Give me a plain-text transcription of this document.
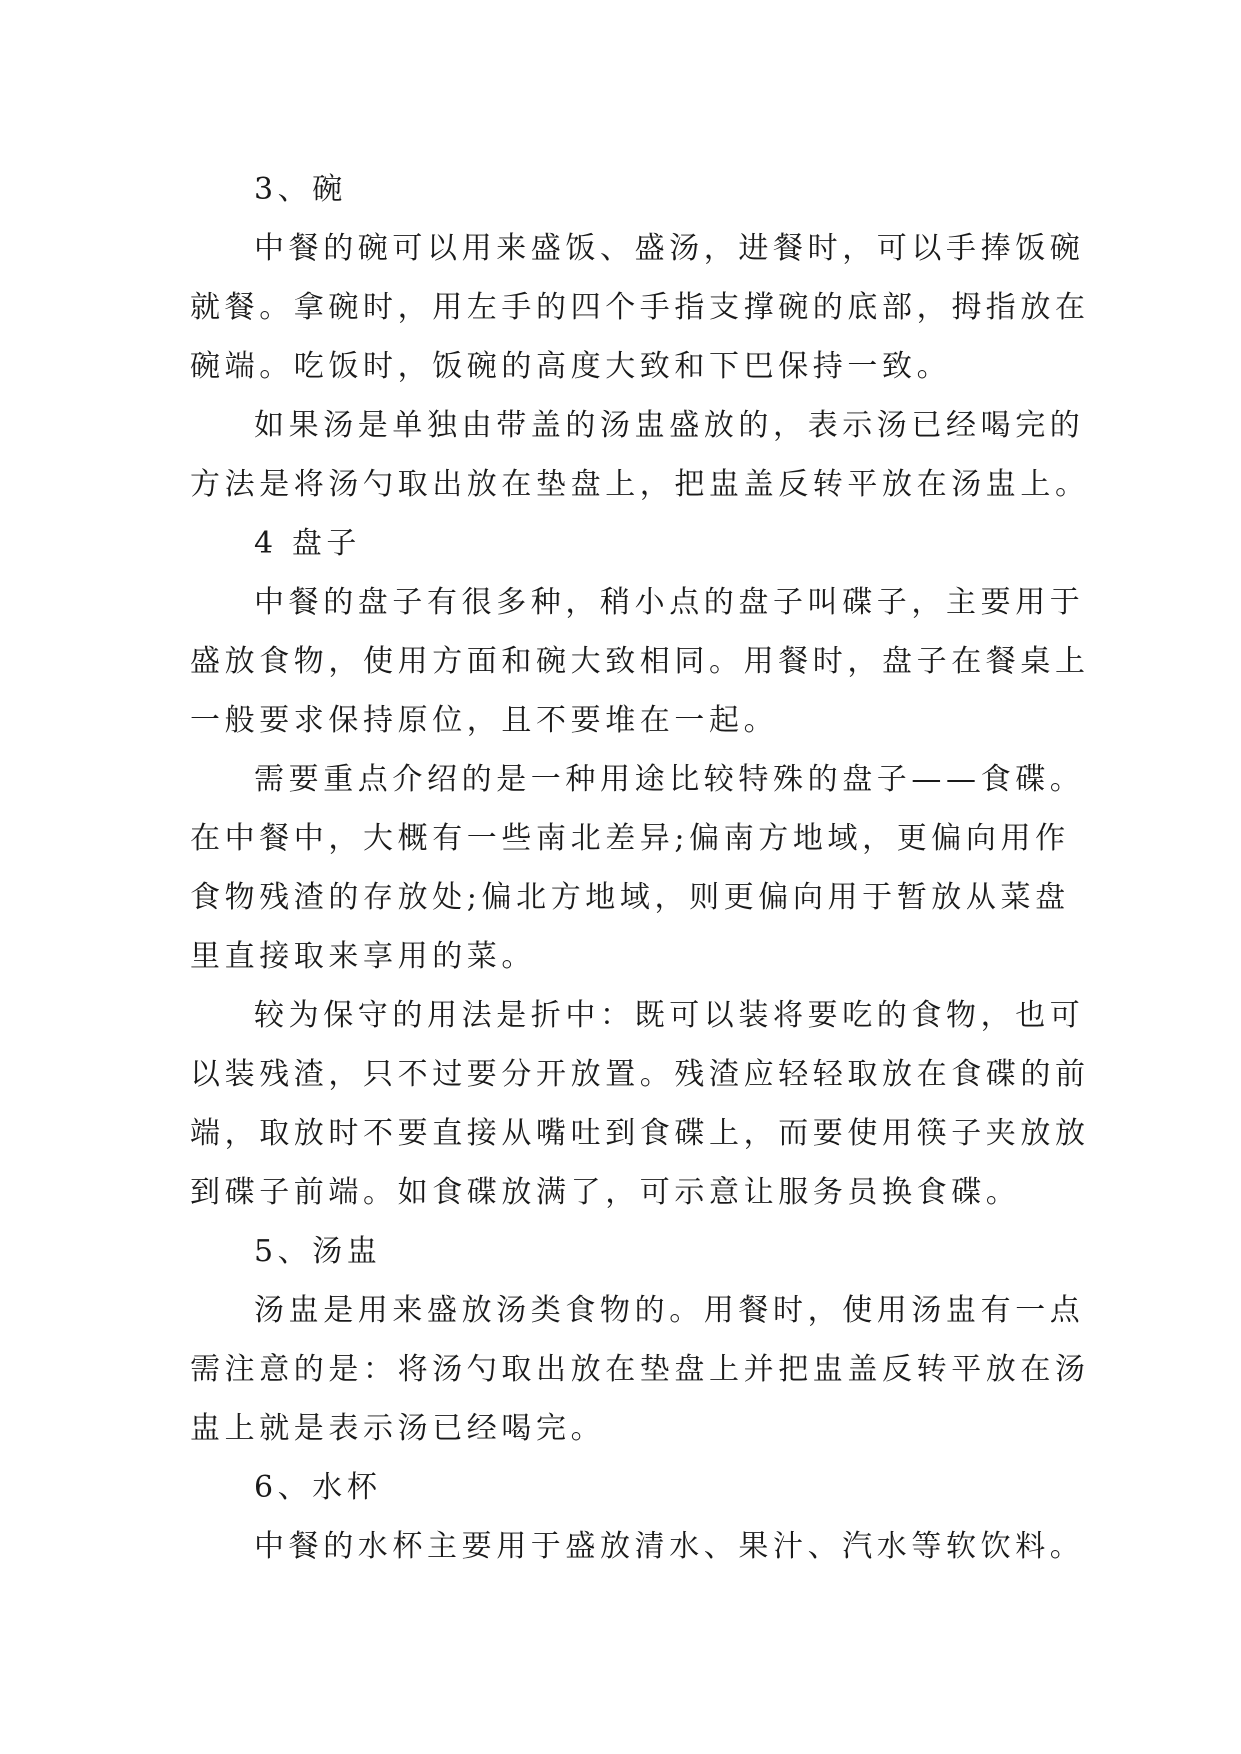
3、碗
中餐的碗可以用来盛饭、盛汤，进餐时，可以手捧饭碗
就餐。拿碗时，用左手的四个手指支撑碗的底部，拇指放在
碗端。吃饭时，饭碗的高度大致和下巴保持一致。
如果汤是单独由带盖的汤盅盛放的，表示汤已经喝完的
方法是将汤勺取出放在垫盘上，把盅盖反转平放在汤盅上。
4 盘子
中餐的盘子有很多种，稍小点的盘子叫碟子，主要用于
盛放食物，使用方面和碗大致相同。用餐时，盘子在餐桌上
一般要求保持原位，且不要堆在一起。
需要重点介绍的是一种用途比较特殊的盘子——食碟。
在中餐中，大概有一些南北差异;偏南方地域，更偏向用作
食物残渣的存放处;偏北方地域，则更偏向用于暂放从菜盘
里直接取来享用的菜。
较为保守的用法是折中：既可以装将要吃的食物，也可
以装残渣，只不过要分开放置。残渣应轻轻取放在食碟的前
端，取放时不要直接从嘴吐到食碟上，而要使用筷子夹放放
到碟子前端。如食碟放满了，可示意让服务员换食碟。
5、汤盅
汤盅是用来盛放汤类食物的。用餐时，使用汤盅有一点
需注意的是：将汤勺取出放在垫盘上并把盅盖反转平放在汤
盅上就是表示汤已经喝完。
6、水杯
中餐的水杯主要用于盛放清水、果汁、汽水等软饮料。
